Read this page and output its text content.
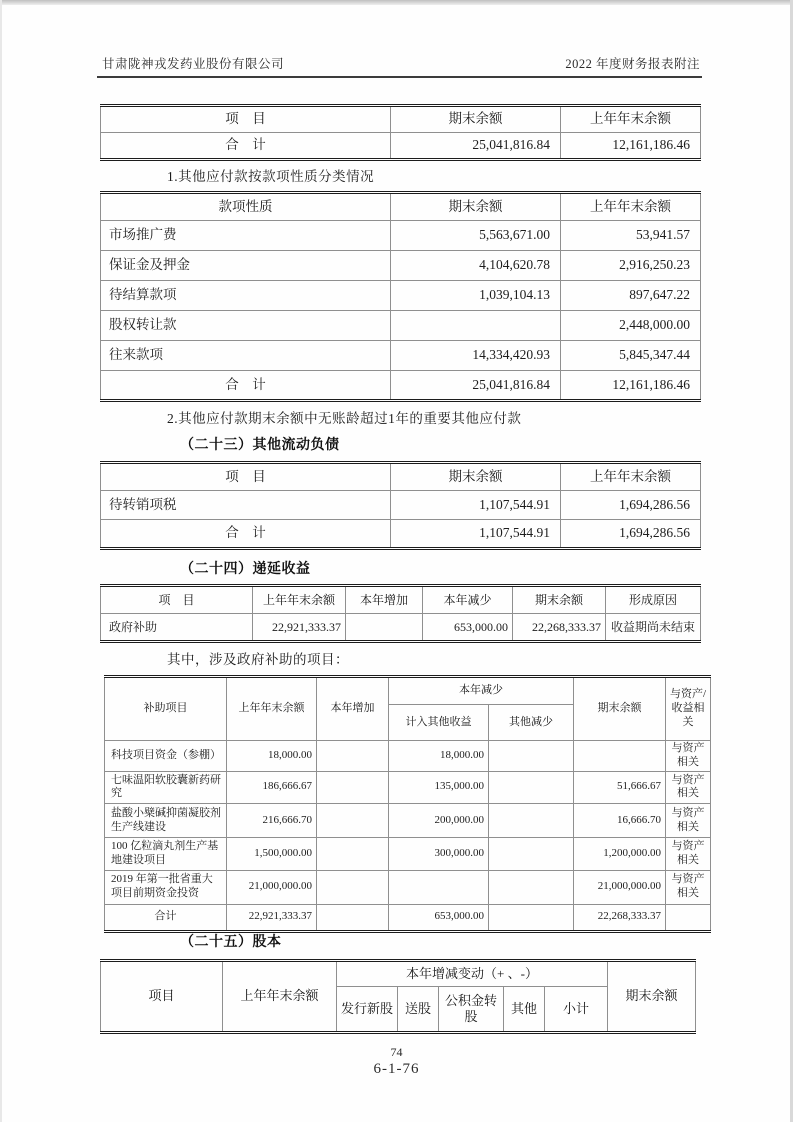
甘肃陇神戎发药业股份有限公司	2022 年度财务报表附注
项　目	期末余额	上年年末余额
合　计	25,041,816.84	12,161,186.46
1.其他应付款按款项性质分类情况
款项性质	期末余额	上年年末余额
市场推广费	5,563,671.00	53,941.57
保证金及押金	4,104,620.78	2,916,250.23
待结算款项	1,039,104.13	897,647.22
股权转让款		2,448,000.00
往来款项	14,334,420.93	5,845,347.44
合　计	25,041,816.84	12,161,186.46
2.其他应付款期末余额中无账龄超过1年的重要其他应付款
（二十三）其他流动负债
项　目	期末余额	上年年末余额
待转销项税	1,107,544.91	1,694,286.56
合　计	1,107,544.91	1,694,286.56
（二十四）递延收益
项　目	上年年末余额	本年增加	本年减少	期末余额	形成原因
政府补助	22,921,333.37		653,000.00	22,268,333.37	收益期尚未结束
其中，涉及政府补助的项目：
补助项目	上年年末余额	本年增加	本年减少		期末余额	与资产/收益相关
			计入其他收益	其他减少		
科技项目资金（参棚）	18,000.00		18,000.00			与资产相关
七味温阳软胶囊新药研究	186,666.67		135,000.00		51,666.67	与资产相关
盐酸小檗碱抑菌凝胶剂生产线建设	216,666.70		200,000.00		16,666.70	与资产相关
100 亿粒滴丸剂生产基地建设项目	1,500,000.00		300,000.00		1,200,000.00	与资产相关
2019 年第一批省重大项目前期资金投资	21,000,000.00				21,000,000.00	与资产相关
合计	22,921,333.37		653,000.00		22,268,333.37	
（二十五）股本
项目	上年年末余额	本年增减变动（+ 、-）					期末余额
		发行新股	送股	公积金转股	其他	小计	
74
6-1-76
